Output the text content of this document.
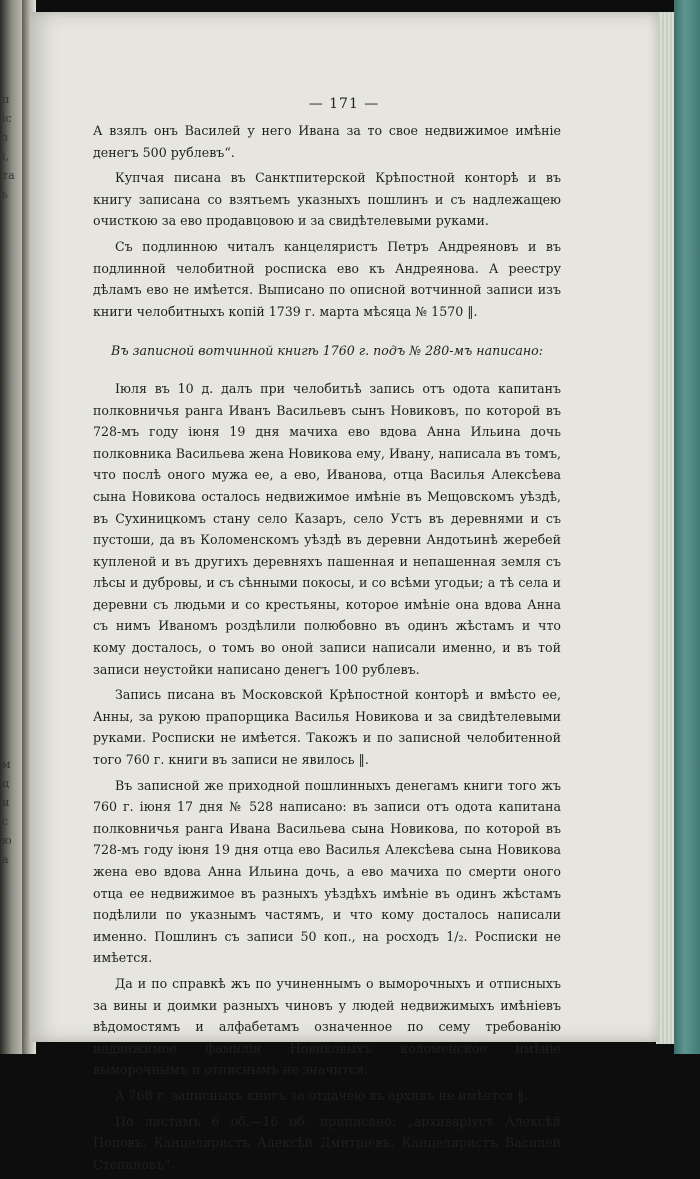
п
іс
з
і,
та
ь

м
ц
и
с
ю
а
— 171 —

А взялъ онъ Василей у него Ивана за то свое недвижимое имѣніе денегъ 500 рублевъ“.

Купчая писана въ Санктпитерской Крѣпостной конторѣ и въ книгу записана со взятьемъ указныхъ пошлинъ и съ надлежащею очисткою за ево продавцовою и за свидѣтелевыми руками.

Съ подлинною читалъ канцеляристъ Петръ Андреяновъ и въ подлинной челобитной росписка ево къ Андреянова. А реестру дѣламъ ево не имѣется. Выписано по описной вотчинной записи изъ книги челобитныхъ копій 1739 г. марта мѣсяца № 1570 ‖.

Въ записной вотчинной книгѣ 1760 г. подъ № 280-мъ написано:

Іюля въ 10 д. далъ при челобитьѣ запись отъ одота капитанъ полковничья ранга Иванъ Васильевъ сынъ Новиковъ, по которой въ 728-мъ году іюня 19 дня мачиха ево вдова Анна Ильина дочь полковника Васильева жена Новикова ему, Ивану, написала въ томъ, что послѣ оного мужа ее, а ево, Иванова, отца Василья Алексѣева сына Новикова осталось недвижимое имѣніе въ Мещовскомъ уѣздѣ, въ Сухиницкомъ стану село Казаръ, село Устъ въ деревнями и съ пустоши, да въ Коломенскомъ уѣздѣ въ деревни Андотьинѣ жеребей купленой и въ другихъ деревняхъ пашенная и непашенная земля съ лѣсы и дубровы, и съ сѣнными покосы, и со всѣми угодьи; а тѣ села и деревни съ людьми и со крестьяны, которое имѣніе она вдова Анна съ нимъ Иваномъ роздѣлили полюбовно въ одинъ жѣстамъ и что кому досталось, о томъ во оной записи написали именно, и въ той записи неустойки написано денегъ 100 рублевъ.

Запись писана въ Московской Крѣпостной конторѣ и вмѣсто ее, Анны, за рукою прапорщика Василья Новикова и за свидѣтелевыми руками. Росписки не имѣется. Такожъ и по записной челобитенной того 760 г. книги въ записи не явилось ‖.

Въ записной же приходной пошлинныхъ денегамъ книги того жъ 760 г. іюня 17 дня № 528 написано: въ записи отъ одота капитана полковничья ранга Ивана Васильева сына Новикова, по которой въ 728-мъ году іюня 19 дня отца ево Василья Алексѣева сына Новикова жена ево вдова Анна Ильина дочь, а ево мачиха по смерти оного отца ее недвижимое въ разныхъ уѣздѣхъ имѣніе въ одинъ жѣстамъ подѣлили по указнымъ частямъ, и что кому досталось написали именно. Пошлинъ съ записи 50 коп., на росходъ 1/₂. Росписки не имѣется.

Да и по справкѣ жъ по учиненнымъ о выморочныхъ и отписныхъ за вины и доимки разныхъ чиновъ у людей недвижимыхъ имѣніевъ вѣдомостямъ и алфабетамъ означенное по сему требованію недвижимое фамиліи Новиковыхъ коломенское имѣніе выморочнымъ и отписнымъ не значится.

А 768 г. записныхъ книгъ за отдачею въ архивъ не имѣется ‖.

По листамъ 6 об.—16 об. приписано: „архиваріусъ Алексѣй Поповъ. Канцеляристъ Алексѣй Дмитріевъ. Канцеляристъ Василей Степановъ“.
